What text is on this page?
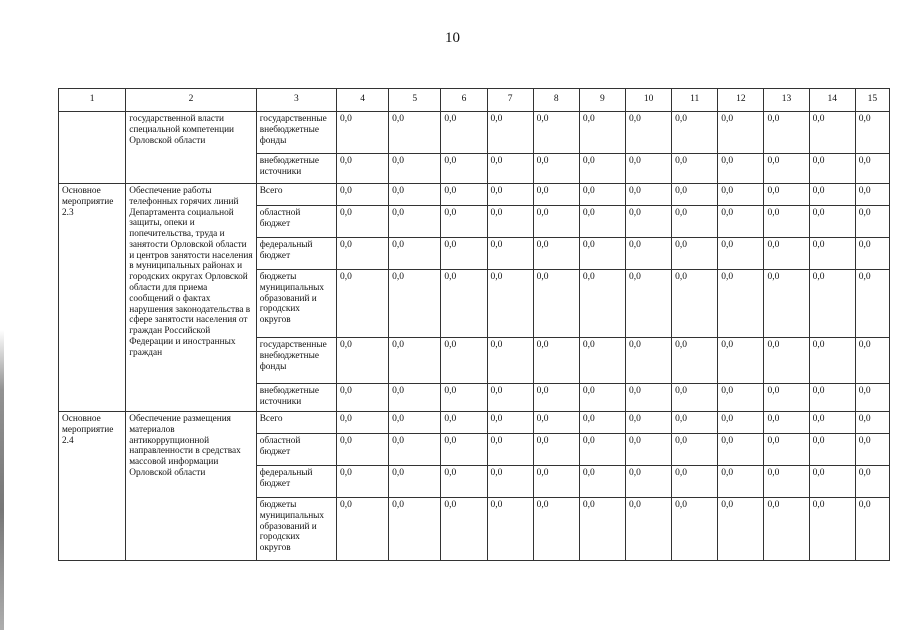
10
1	2	3	4	5	6	7	8	9	10	11	12	13	14	15
	государственной власти специальной компетенции Орловской области	государственные внебюджетные фонды	0,0	0,0	0,0	0,0	0,0	0,0	0,0	0,0	0,0	0,0	0,0	0,0
		внебюджетные источники	0,0	0,0	0,0	0,0	0,0	0,0	0,0	0,0	0,0	0,0	0,0	0,0
Основное мероприятие 2.3	Обеспечение работы телефонных горячих линий Департамента социальной защиты, опеки и попечительства, труда и занятости Орловской области и центров занятости населения в муниципальных районах и городских округах Орловской области для приема сообщений о фактах нарушения законодательства в сфере занятости населения от граждан Российской Федерации и иностранных граждан	Всего	0,0	0,0	0,0	0,0	0,0	0,0	0,0	0,0	0,0	0,0	0,0	0,0
		областной бюджет	0,0	0,0	0,0	0,0	0,0	0,0	0,0	0,0	0,0	0,0	0,0	0,0
		федеральный бюджет	0,0	0,0	0,0	0,0	0,0	0,0	0,0	0,0	0,0	0,0	0,0	0,0
		бюджеты муниципальных образований и городских округов	0,0	0,0	0,0	0,0	0,0	0,0	0,0	0,0	0,0	0,0	0,0	0,0
		государственные внебюджетные фонды	0,0	0,0	0,0	0,0	0,0	0,0	0,0	0,0	0,0	0,0	0,0	0,0
		внебюджетные источники	0,0	0,0	0,0	0,0	0,0	0,0	0,0	0,0	0,0	0,0	0,0	0,0
Основное мероприятие 2.4	Обеспечение размещения материалов антикоррупционной направленности в средствах массовой информации Орловской области	Всего	0,0	0,0	0,0	0,0	0,0	0,0	0,0	0,0	0,0	0,0	0,0	0,0
		областной бюджет	0,0	0,0	0,0	0,0	0,0	0,0	0,0	0,0	0,0	0,0	0,0	0,0
		федеральный бюджет	0,0	0,0	0,0	0,0	0,0	0,0	0,0	0,0	0,0	0,0	0,0	0,0
		бюджеты муниципальных образований и городских округов	0,0	0,0	0,0	0,0	0,0	0,0	0,0	0,0	0,0	0,0	0,0	0,0
